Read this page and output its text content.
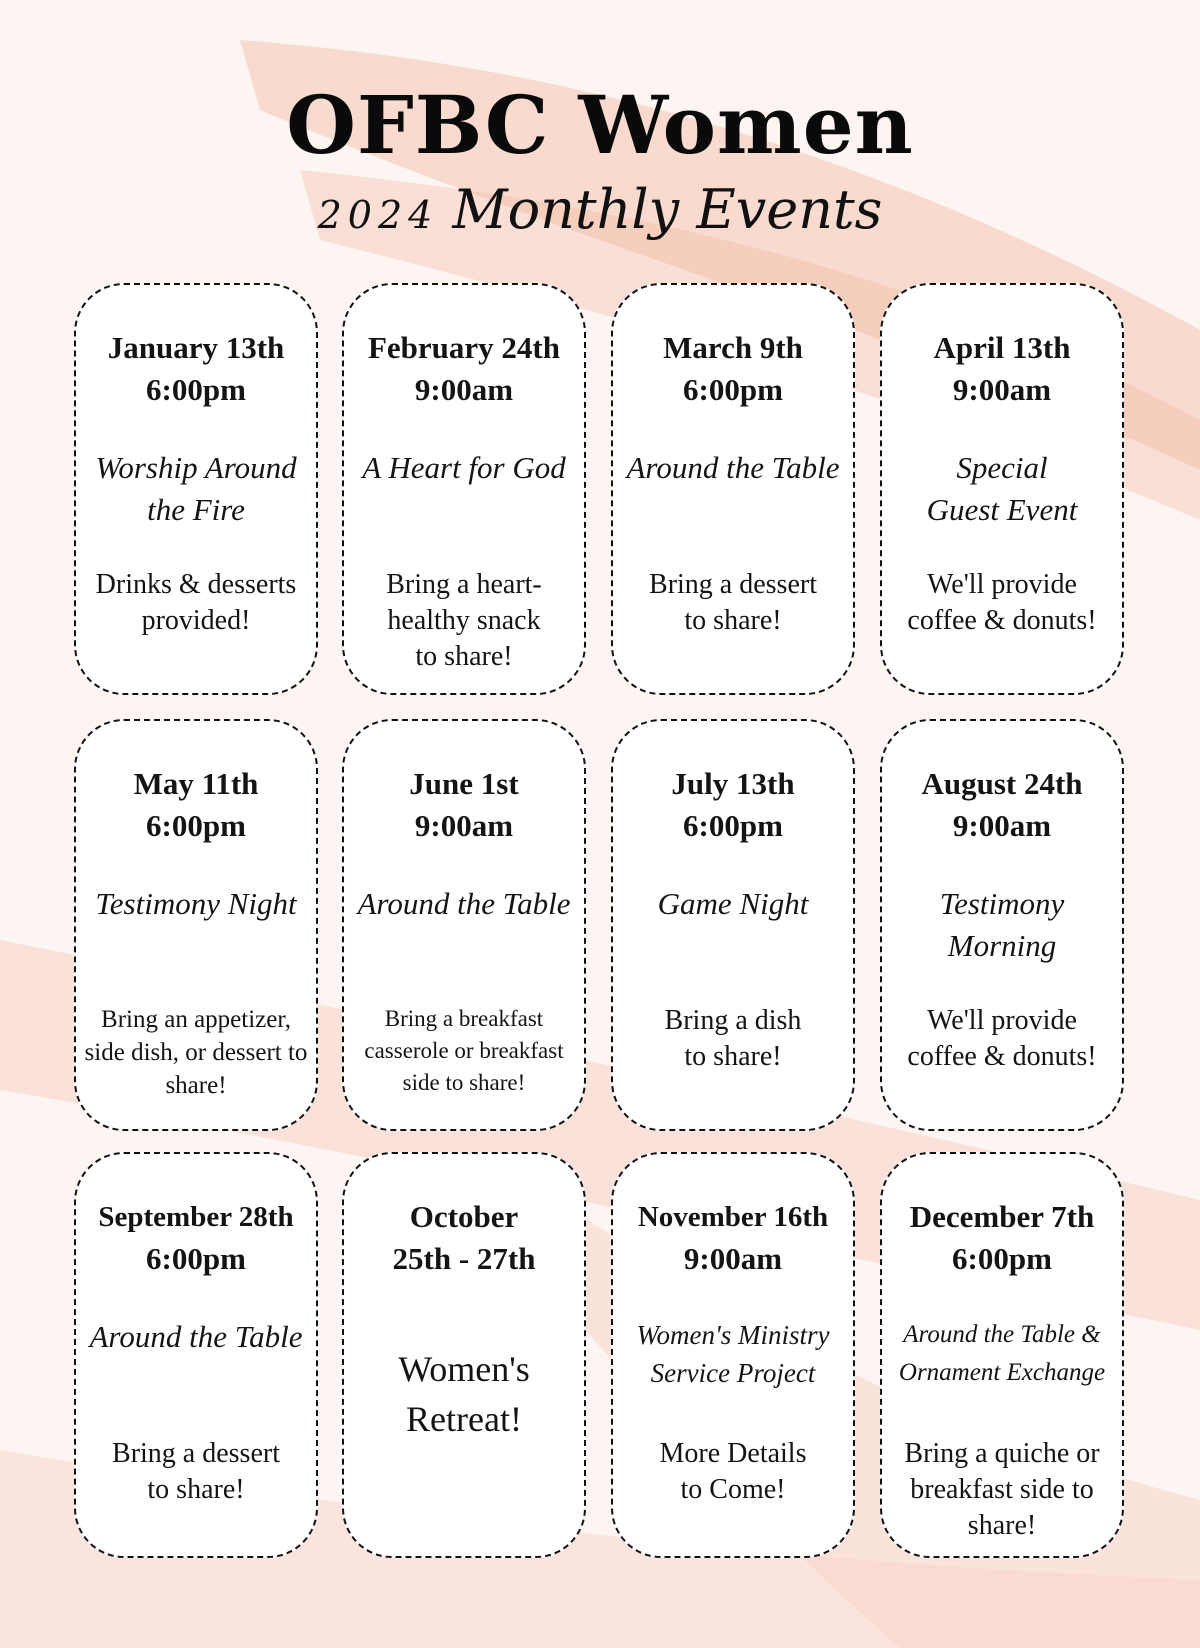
OFBC Women
2024 Monthly Events
January 13th
6:00pm
Worship Around the Fire
Drinks & desserts provided!
February 24th
9:00am
A Heart for God
Bring a heart-healthy snack to share!
March 9th
6:00pm
Around the Table
Bring a dessert to share!
April 13th
9:00am
Special Guest Event
We'll provide coffee & donuts!
May 11th
6:00pm
Testimony Night
Bring an appetizer, side dish, or dessert to share!
June 1st
9:00am
Around the Table
Bring a breakfast casserole or breakfast side to share!
July 13th
6:00pm
Game Night
Bring a dish to share!
August 24th
9:00am
Testimony Morning
We'll provide coffee & donuts!
September 28th
6:00pm
Around the Table
Bring a dessert to share!
October
25th - 27th
Women's Retreat!
November 16th
9:00am
Women's Ministry Service Project
More Details to Come!
December 7th
6:00pm
Around the Table & Ornament Exchange
Bring a quiche or breakfast side to share!
